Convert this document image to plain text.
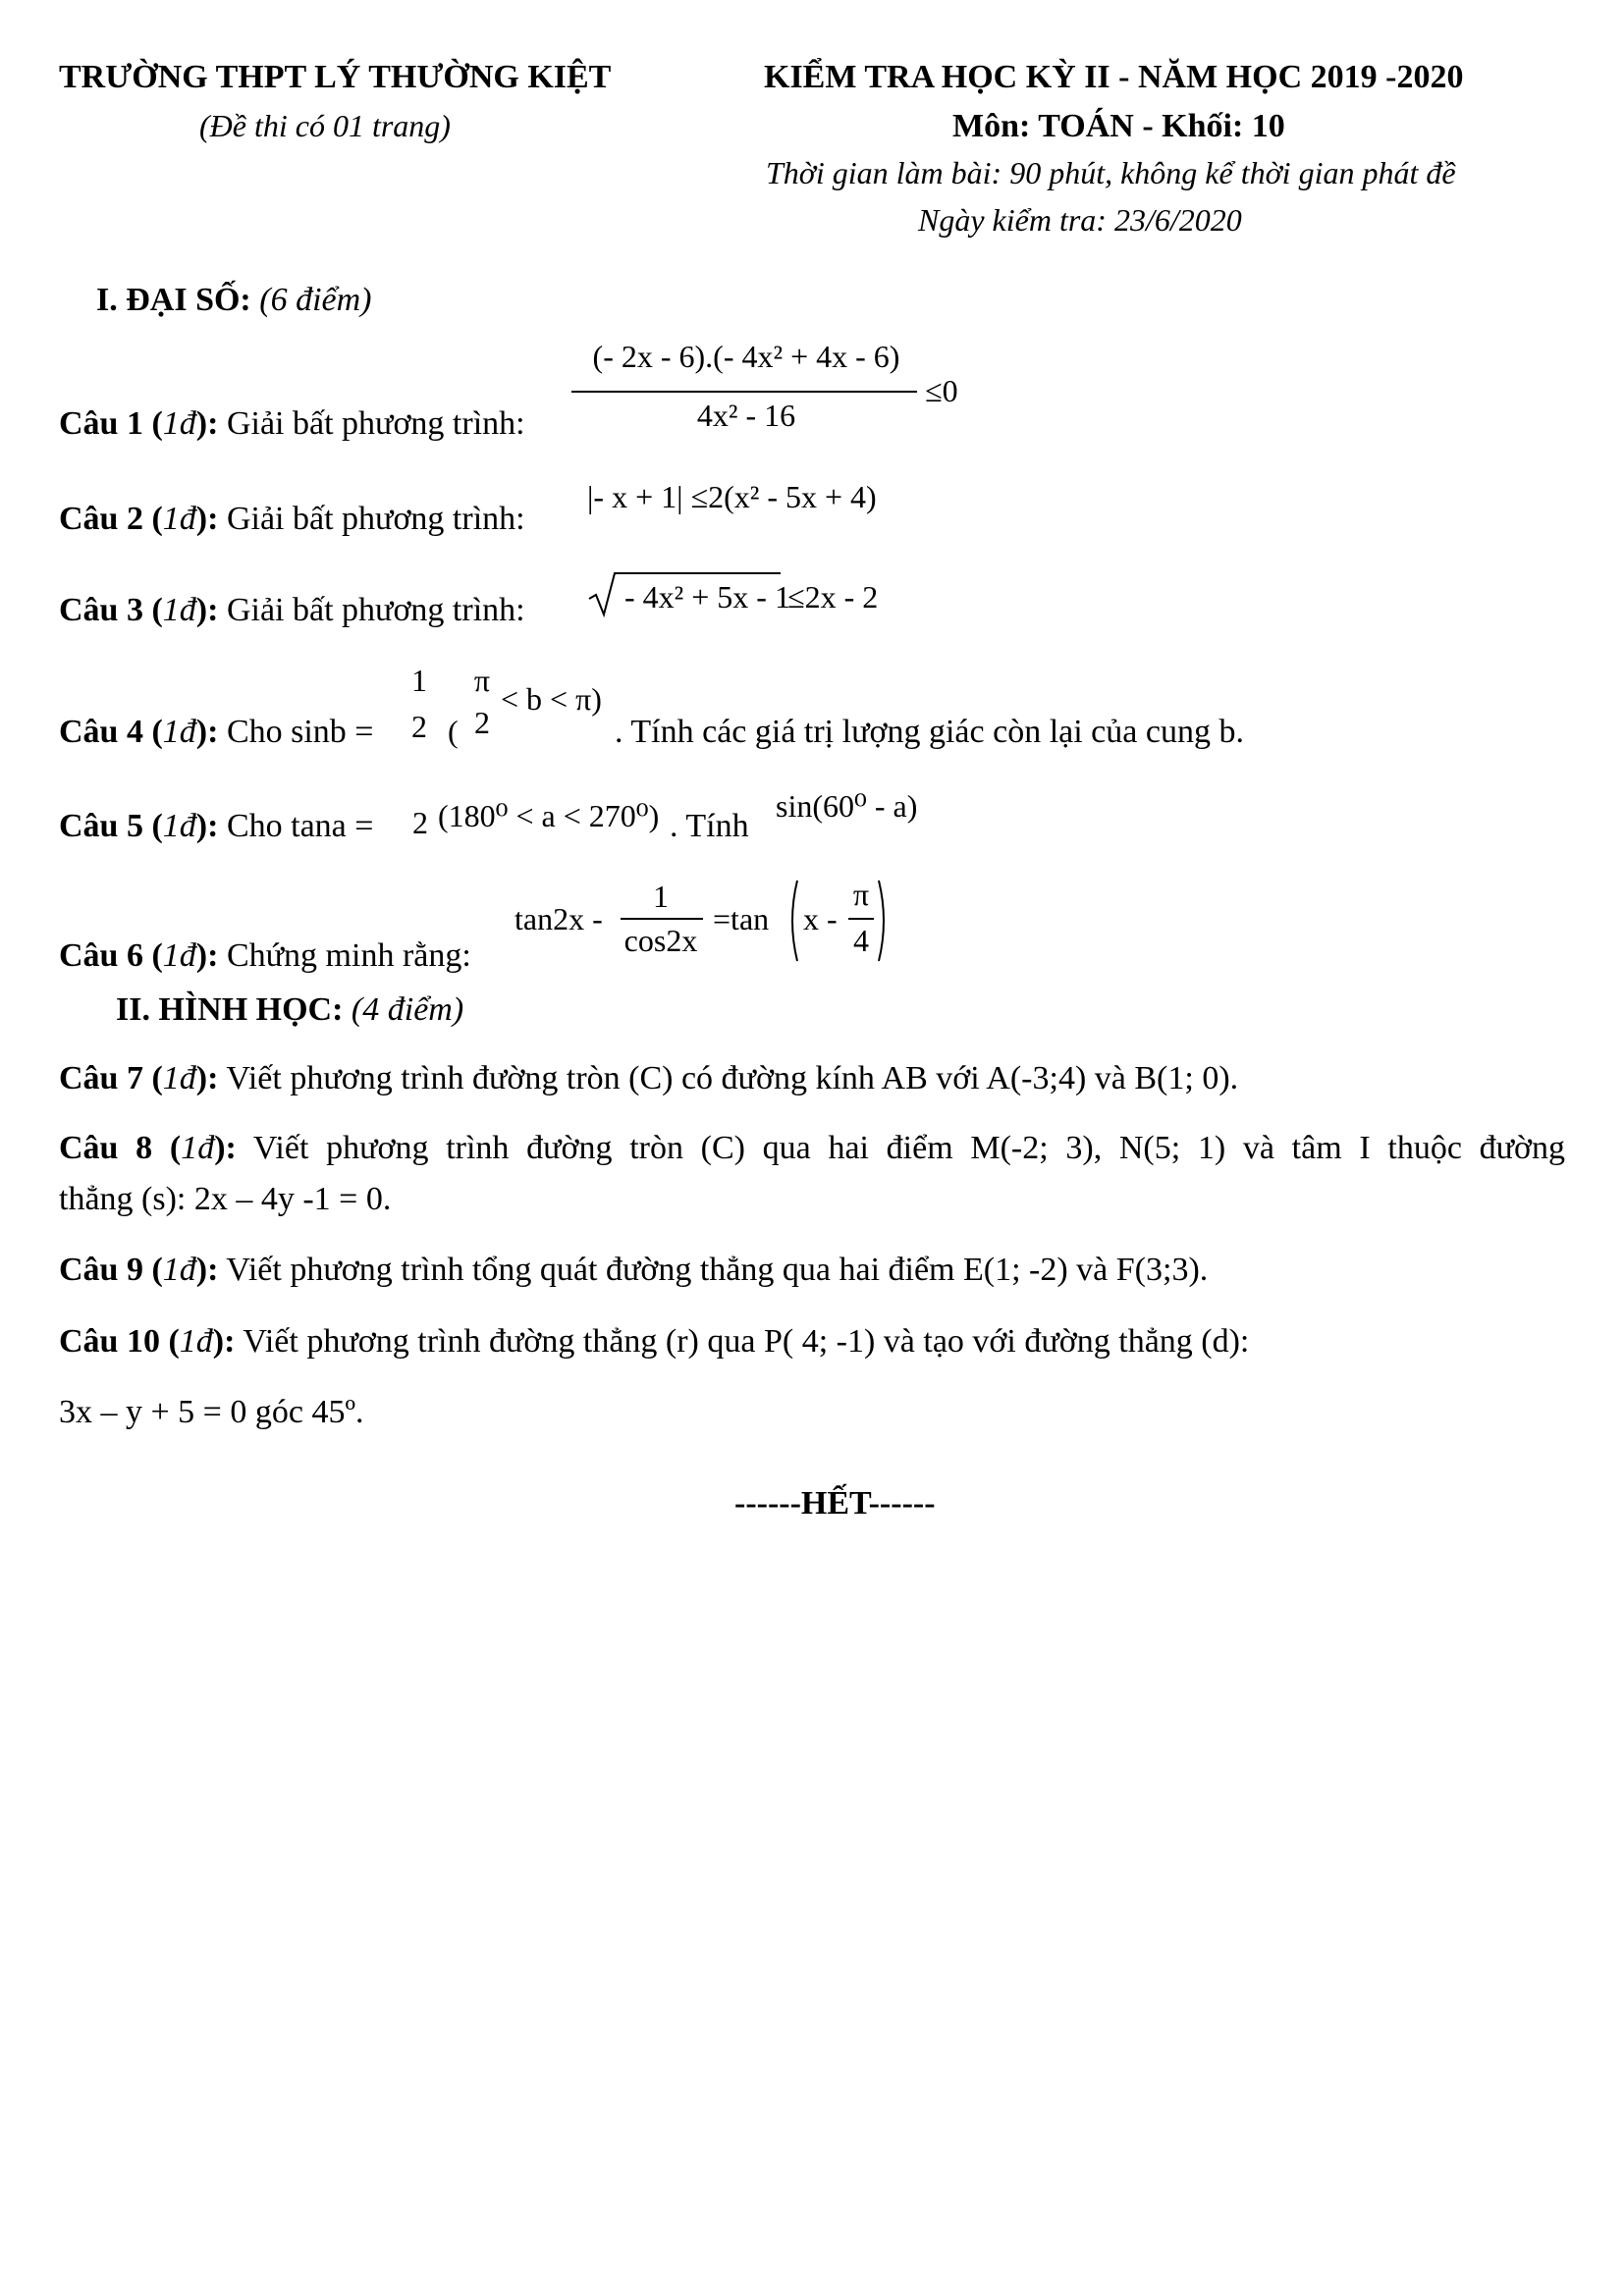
TRƯỜNG THPT LÝ THƯỜNG KIỆT
(Đề thi có 01 trang)
KIỂM TRA HỌC KỲ II - NĂM HỌC 2019 -2020
Môn: TOÁN - Khối: 10
Thời gian làm bài: 90 phút, không kể thời gian phát đề
Ngày kiểm tra: 23/6/2020
I. ĐẠI SỐ: (6 điểm)
Câu 1 (1đ): Giải bất phương trình:
(- 2x - 6).(- 4x² + 4x - 6)
4x² - 16
≤0
Câu 2 (1đ): Giải bất phương trình:
|- x + 1| ≤2(x² - 5x + 4)
Câu 3 (1đ): Giải bất phương trình:	- 4x² + 5x - 1
≤2x - 2
Câu 4 (1đ): Cho sinb =
1
2 (
π
2
< b < π)
. Tính các giá trị lượng giác còn lại của cung b.
Câu 5 (1đ): Cho tana = 2 (180⁰ < a < 270⁰) . Tính
sin(60⁰ - a)
Câu 6 (1đ): Chứng minh rằng:
tan2x -
1
cos2x
=tan x -
π
4
II. HÌNH HỌC: (4 điểm)
Câu 7 (1đ): Viết phương trình đường tròn (C) có đường kính AB với A(-3;4) và B(1; 0).
Câu 8 (1đ): Viết phương trình đường tròn (C) qua hai điểm M(-2; 3), N(5; 1) và tâm I thuộc đường
thẳng (s): 2x – 4y -1 = 0.
Câu 9 (1đ): Viết phương trình tổng quát đường thẳng qua hai điểm E(1; -2) và F(3;3).
Câu 10 (1đ): Viết phương trình đường thẳng (r) qua P( 4; -1) và tạo với đường thẳng (d):
3x – y + 5 = 0 góc 45º.
------HẾT------
